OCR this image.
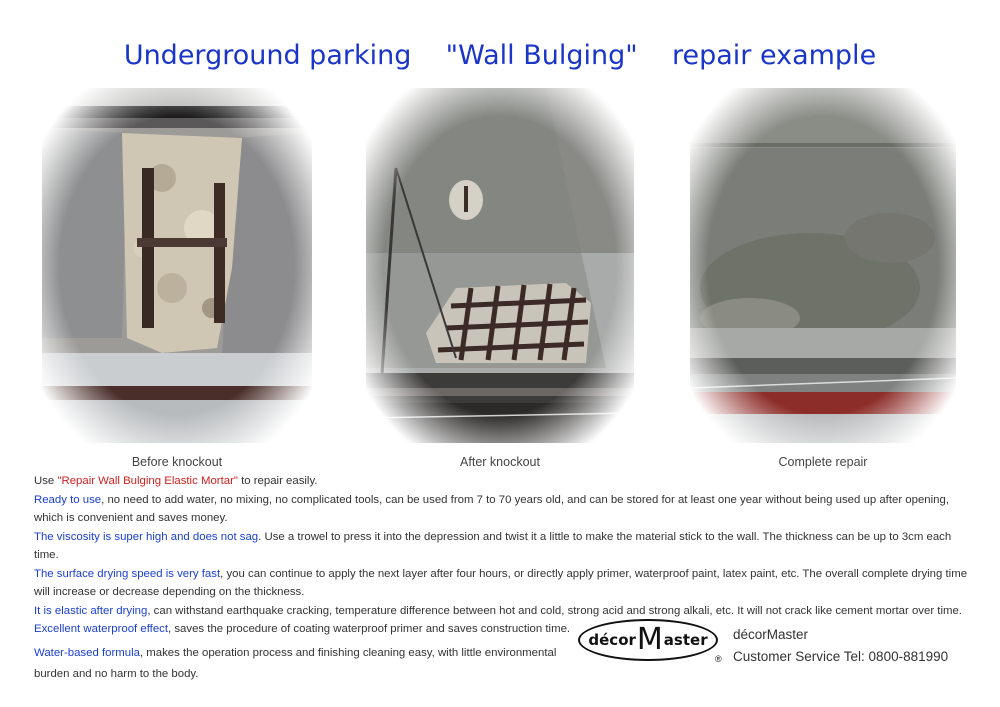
Underground parking    "Wall Bulging"    repair example
Before knockout	After knockout	Complete repair

Use "Repair Wall Bulging Elastic Mortar" to repair easily.

Ready to use, no need to add water, no mixing, no complicated tools, can be used from 7 to 70 years old, and can be stored for at least one year without being used up after opening, which is convenient and saves money.

The viscosity is super high and does not sag. Use a trowel to press it into the depression and twist it a little to make the material stick to the wall. The thickness can be up to 3cm each time.

The surface drying speed is very fast, you can continue to apply the next layer after four hours, or directly apply primer, waterproof paint, latex paint, etc. The overall complete drying time will increase or decrease depending on the thickness.

It is elastic after drying, can withstand earthquake cracking, temperature difference between hot and cold, strong acid and strong alkali, etc. It will not crack like cement mortar over time.

Excellent waterproof effect, saves the procedure of coating waterproof primer and saves construction time.

Water-based formula, makes the operation process and finishing cleaning easy, with little environmental burden and no harm to the body.

décor M aster
®
décorMaster
Customer Service Tel: 0800-881990
